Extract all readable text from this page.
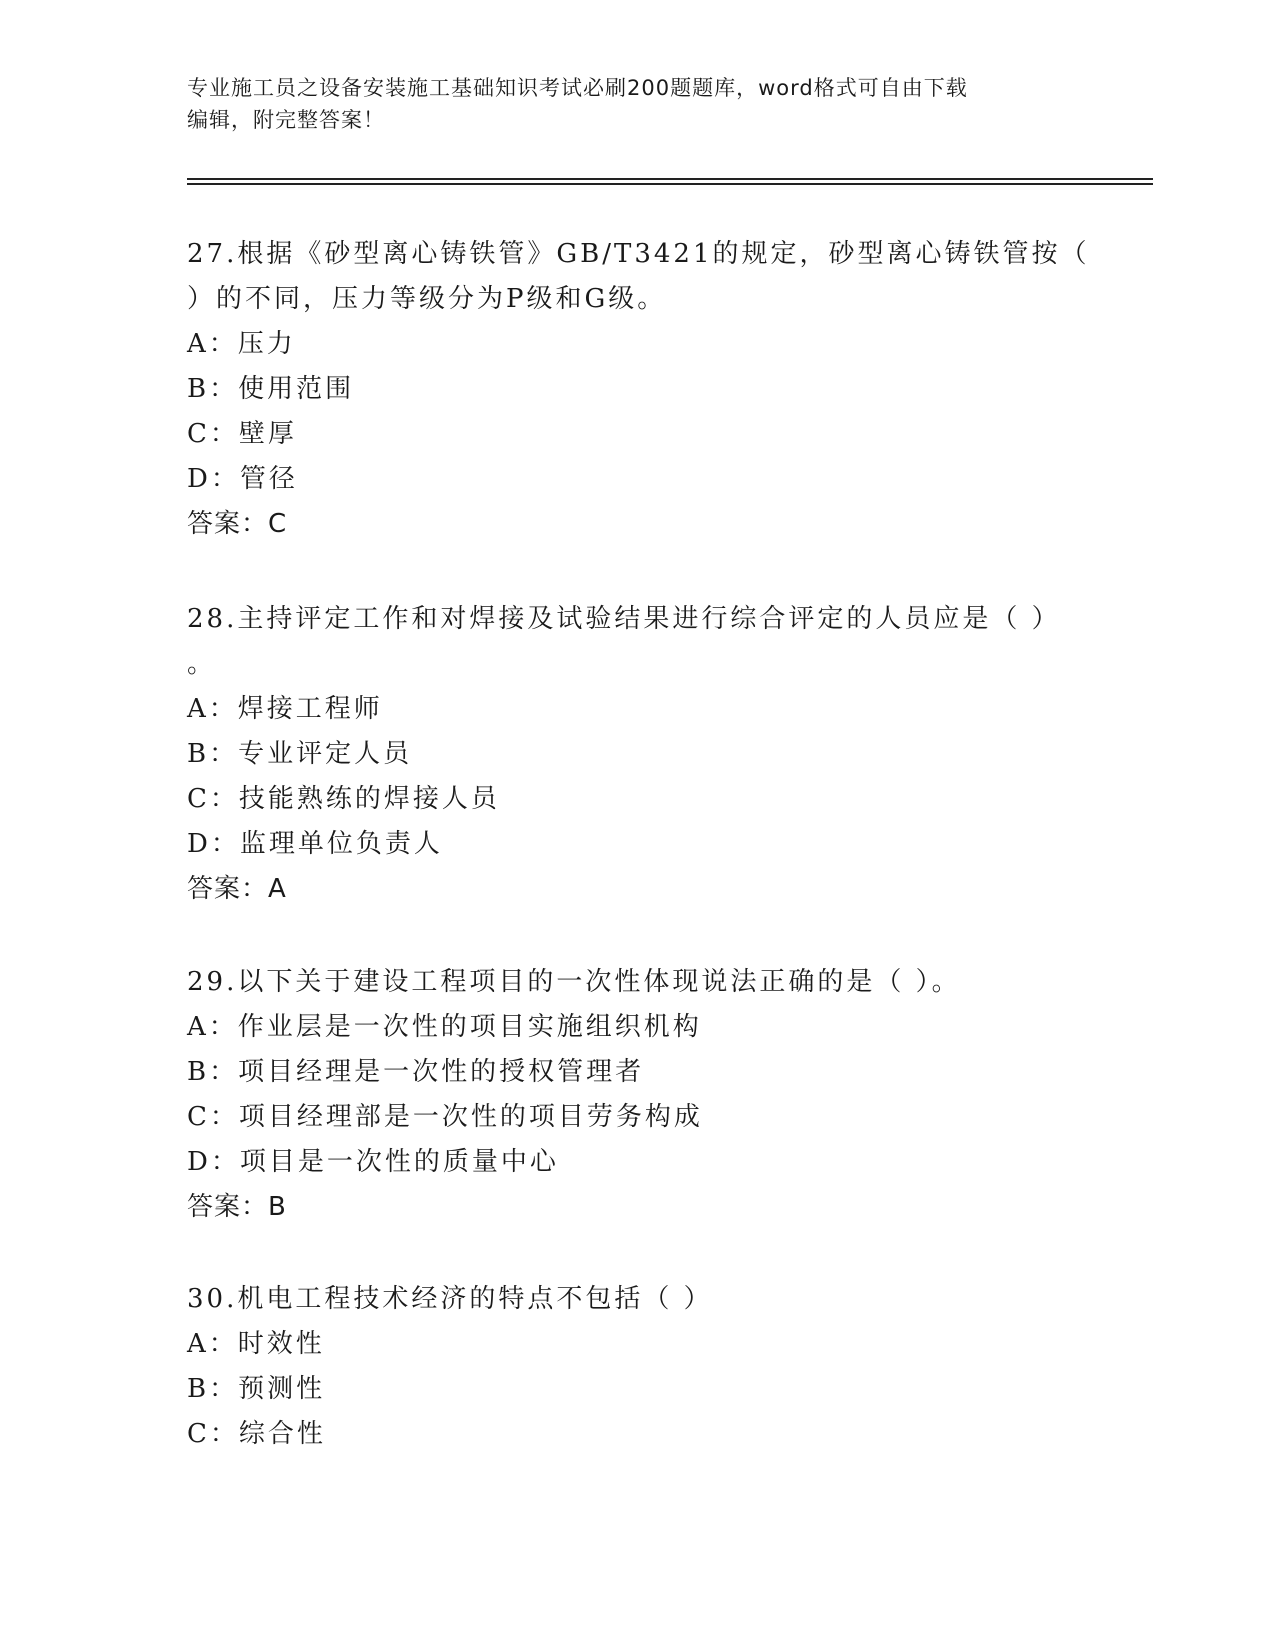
专业施工员之设备安装施工基础知识考试必刷200题题库，word格式可自由下载
编辑，附完整答案！
27.根据《砂型离心铸铁管》GB/T3421的规定，砂型离心铸铁管按（
）的不同，压力等级分为P级和G级。
A：压力
B：使用范围
C：壁厚
D：管径
答案：C
28.主持评定工作和对焊接及试验结果进行综合评定的人员应是（ ）
。
A：焊接工程师
B：专业评定人员
C：技能熟练的焊接人员
D：监理单位负责人
答案：A
29.以下关于建设工程项目的一次性体现说法正确的是（ ）。
A：作业层是一次性的项目实施组织机构
B：项目经理是一次性的授权管理者
C：项目经理部是一次性的项目劳务构成
D：项目是一次性的质量中心
答案：B
30.机电工程技术经济的特点不包括（ ）
A：时效性
B：预测性
C：综合性
